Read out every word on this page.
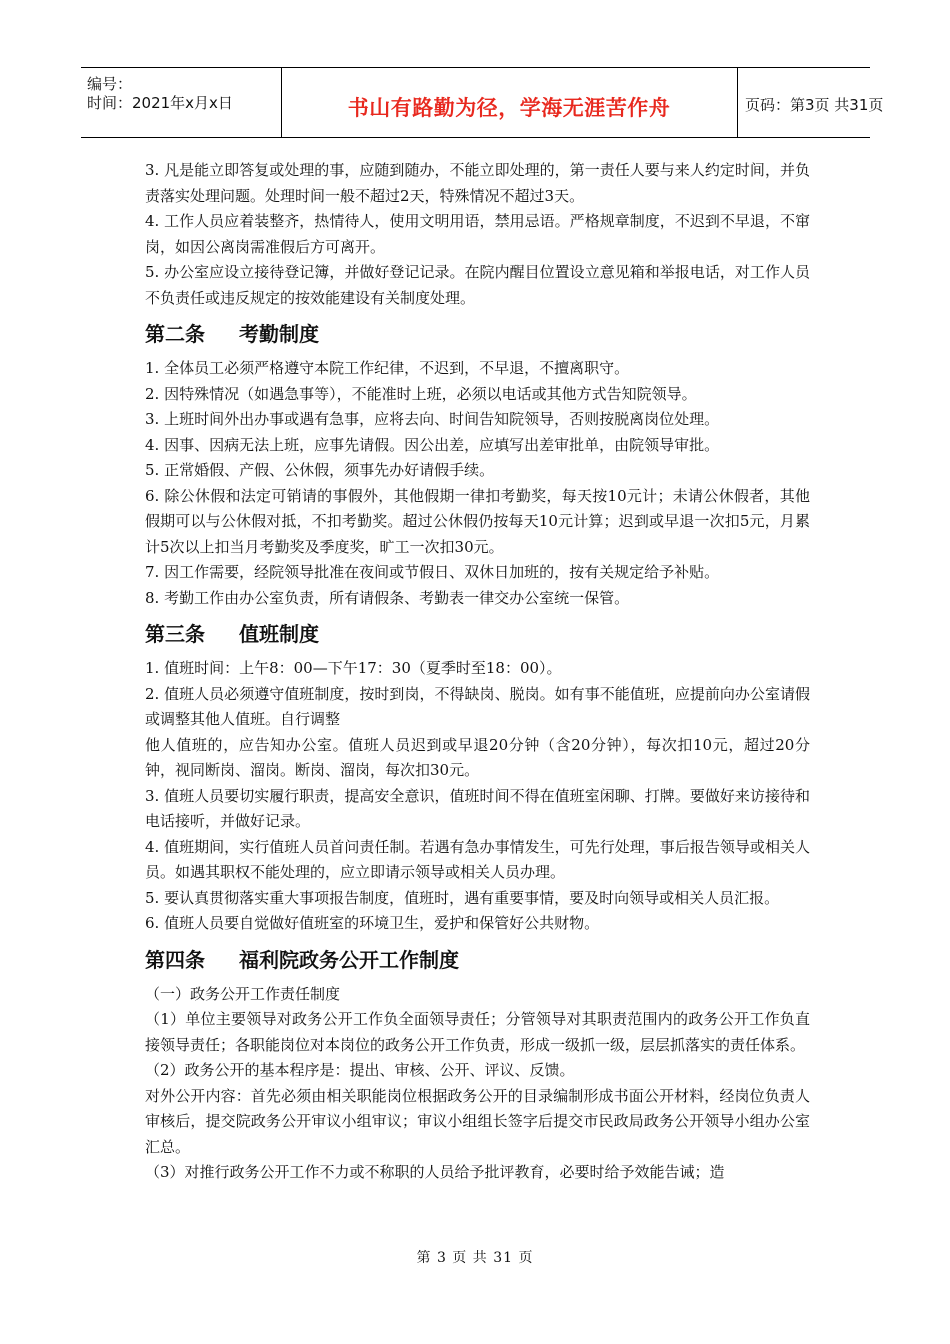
编号：
时间：2021年x月x日	书山有路勤为径，学海无涯苦作舟	页码：第3页 共31页

3. 凡是能立即答复或处理的事，应随到随办，不能立即处理的，第一责任人要与来人约定时间，并负责落实处理问题。处理时间一般不超过2天，特殊情况不超过3天。

4. 工作人员应着装整齐，热情待人，使用文明用语，禁用忌语。严格规章制度，不迟到不早退，不窜岗，如因公离岗需准假后方可离开。

5. 办公室应设立接待登记簿，并做好登记记录。在院内醒目位置设立意见箱和举报电话，对工作人员不负责任或违反规定的按效能建设有关制度处理。

第二条 考勤制度

1. 全体员工必须严格遵守本院工作纪律，不迟到，不早退，不擅离职守。

2. 因特殊情况（如遇急事等），不能准时上班，必须以电话或其他方式告知院领导。

3. 上班时间外出办事或遇有急事，应将去向、时间告知院领导，否则按脱离岗位处理。

4. 因事、因病无法上班，应事先请假。因公出差，应填写出差审批单，由院领导审批。

5. 正常婚假、产假、公休假，须事先办好请假手续。

6. 除公休假和法定可销请的事假外，其他假期一律扣考勤奖，每天按10元计；未请公休假者，其他假期可以与公休假对抵，不扣考勤奖。超过公休假仍按每天10元计算；迟到或早退一次扣5元，月累计5次以上扣当月考勤奖及季度奖，旷工一次扣30元。

7. 因工作需要，经院领导批准在夜间或节假日、双休日加班的，按有关规定给予补贴。

8. 考勤工作由办公室负责，所有请假条、考勤表一律交办公室统一保管。

第三条 值班制度

1. 值班时间：上午8：00—下午17：30（夏季时至18：00）。

2. 值班人员必须遵守值班制度，按时到岗，不得缺岗、脱岗。如有事不能值班，应提前向办公室请假或调整其他人值班。自行调整

他人值班的，应告知办公室。值班人员迟到或早退20分钟（含20分钟），每次扣10元，超过20分钟，视同断岗、溜岗。断岗、溜岗，每次扣30元。

3. 值班人员要切实履行职责，提高安全意识，值班时间不得在值班室闲聊、打牌。要做好来访接待和电话接听，并做好记录。

4. 值班期间，实行值班人员首问责任制。若遇有急办事情发生，可先行处理，事后报告领导或相关人员。如遇其职权不能处理的，应立即请示领导或相关人员办理。

5. 要认真贯彻落实重大事项报告制度，值班时，遇有重要事情，要及时向领导或相关人员汇报。

6. 值班人员要自觉做好值班室的环境卫生，爱护和保管好公共财物。

第四条 福利院政务公开工作制度

（一）政务公开工作责任制度

（1）单位主要领导对政务公开工作负全面领导责任；分管领导对其职责范围内的政务公开工作负直接领导责任；各职能岗位对本岗位的政务公开工作负责，形成一级抓一级，层层抓落实的责任体系。

（2）政务公开的基本程序是：提出、审核、公开、评议、反馈。

对外公开内容：首先必须由相关职能岗位根据政务公开的目录编制形成书面公开材料，经岗位负责人审核后，提交院政务公开审议小组审议；审议小组组长签字后提交市民政局政务公开领导小组办公室汇总。

（3）对推行政务公开工作不力或不称职的人员给予批评教育，必要时给予效能告诫；造

第 3 页 共 31 页
